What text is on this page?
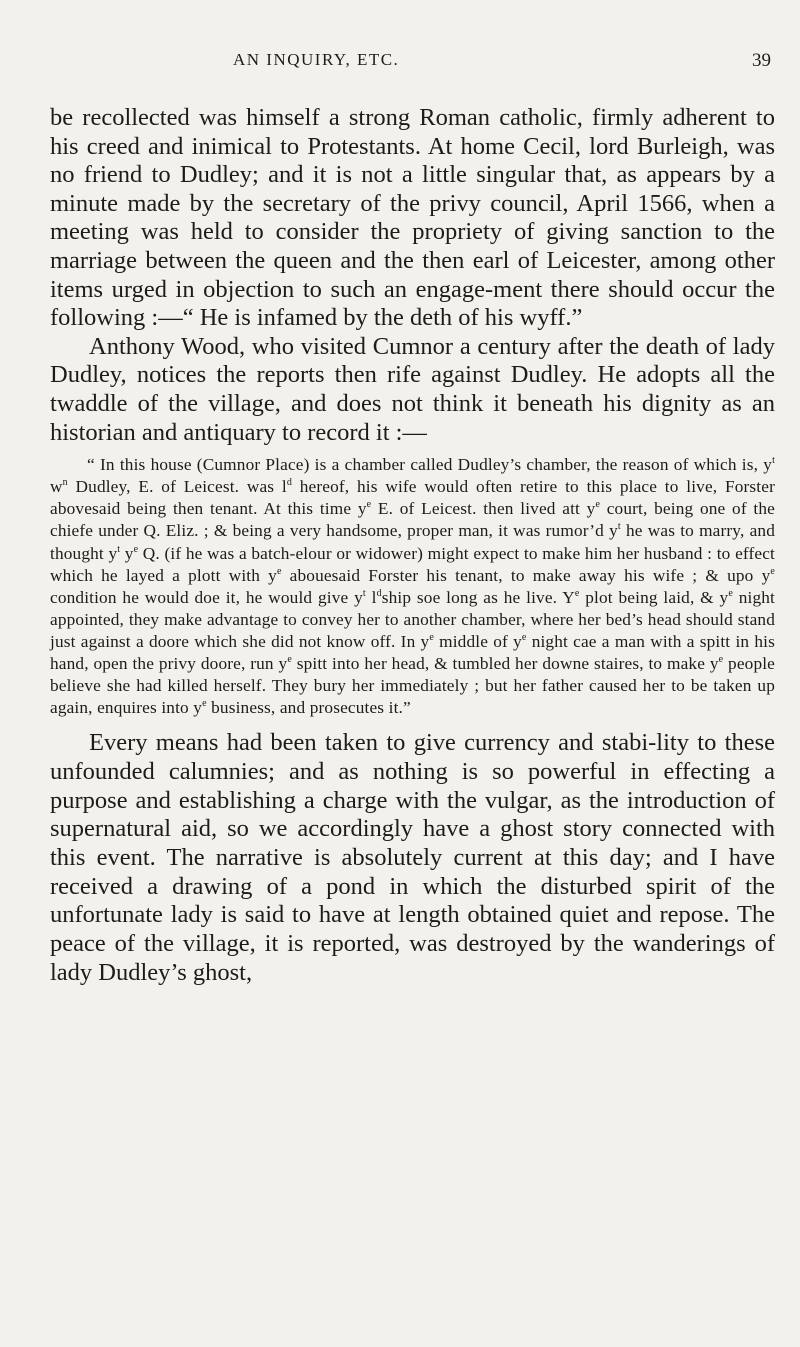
AN INQUIRY, ETC.	39

be recollected was himself a strong Roman catholic, firmly adherent to his creed and inimical to Protestants. At home Cecil, lord Burleigh, was no friend to Dudley; and it is not a little singular that, as appears by a minute made by the secretary of the privy council, April 1566, when a meeting was held to consider the propriety of giving sanction to the marriage between the queen and the then earl of Leicester, among other items urged in objection to such an engage-ment there should occur the following :—“ He is infamed by the deth of his wyff.”

Anthony Wood, who visited Cumnor a century after the death of lady Dudley, notices the reports then rife against Dudley. He adopts all the twaddle of the village, and does not think it beneath his dignity as an historian and antiquary to record it :—

“ In this house (Cumnor Place) is a chamber called Dudley’s chamber, the reason of which is, $y^t$ $w^n$ Dudley, E. of Leicest. was $l^d$ hereof, his wife would often retire to this place to live, Forster abovesaid being then tenant. At this time $y^e$ E. of Leicest. then lived att $y^e$ court, being one of the chiefe under Q. Eliz. ; & being a very handsome, proper man, it was rumor’d $y^t$ he was to marry, and thought $y^t$ $y^e$ Q. (if he was a batch-elour or widower) might expect to make him her husband : to effect which he layed a plott with $y^e$ abouesaid Forster his tenant, to make away his wife ; & upo $y^e$ condition he would doe it, he would give $y^t$ $l^dship$ soe long as he live. $Y^e$ plot being laid, & $y^e$ night appointed, they make advantage to convey her to another chamber, where her bed’s head should stand just against a doore which she did not know off. In $y^e$ middle of $y^e$ night cae a man with a spitt in his hand, open the privy doore, run $y^e$ spitt into her head, & tumbled her downe staires, to make $y^e$ people believe she had killed herself. They bury her immediately ; but her father caused her to be taken up again, enquires into $y^e$ business, and prosecutes it.”

Every means had been taken to give currency and stabi-lity to these unfounded calumnies; and as nothing is so powerful in effecting a purpose and establishing a charge with the vulgar, as the introduction of supernatural aid, so we accordingly have a ghost story connected with this event. The narrative is absolutely current at this day; and I have received a drawing of a pond in which the disturbed spirit of the unfortunate lady is said to have at length obtained quiet and repose. The peace of the village, it is reported, was destroyed by the wanderings of lady Dudley’s ghost,
